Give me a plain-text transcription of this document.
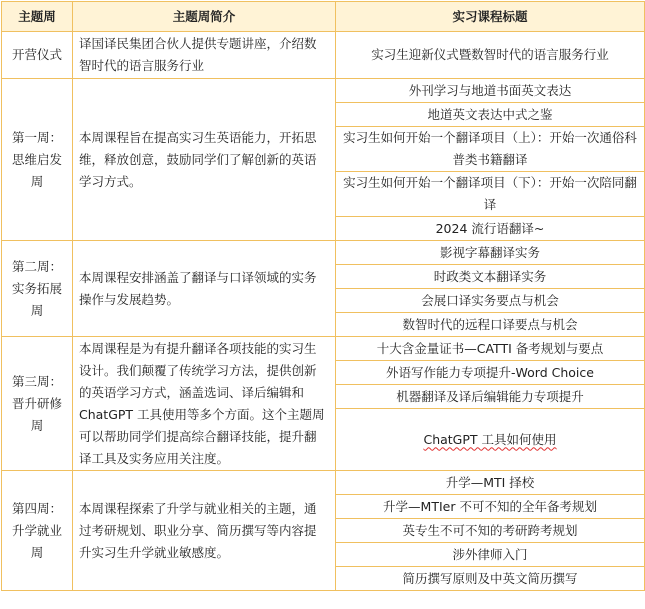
主题周	主题周简介	实习课程标题
开营仪式	译国译民集团合伙人提供专题讲座，介绍数智时代的语言服务行业	实习生迎新仪式暨数智时代的语言服务行业
第一周：思维启发周	本周课程旨在提高实习生英语能力，开拓思维，释放创意，鼓励同学们了解创新的英语学习方式。	外刊学习与地道书面英文表达
		地道英文表达中式之鉴
		实习生如何开始一个翻译项目（上）：开始一次通俗科普类书籍翻译
		实习生如何开始一个翻译项目（下）：开始一次陪同翻译
		2024 流行语翻译~
第二周：实务拓展周	本周课程安排涵盖了翻译与口译领域的实务操作与发展趋势。	影视字幕翻译实务
		时政类文本翻译实务
		会展口译实务要点与机会
		数智时代的远程口译要点与机会
第三周：晋升研修周	本周课程是为有提升翻译各项技能的实习生设计。我们颠覆了传统学习方法，提供创新的英语学习方式，涵盖选词、译后编辑和 ChatGPT 工具使用等多个方面。这个主题周可以帮助同学们提高综合翻译技能，提升翻译工具及实务应用关注度。	十大含金量证书—CATTI 备考规划与要点
		外语写作能力专项提升-Word Choice
		机器翻译及译后编辑能力专项提升
		ChatGPT 工具如何使用
第四周：升学就业周	本周课程探索了升学与就业相关的主题，通过考研规划、职业分享、简历撰写等内容提升实习生升学就业敏感度。	升学—MTI 择校
		升学—MTIer 不可不知的全年备考规划
		英专生不可不知的考研跨考规划
		涉外律师入门
		简历撰写原则及中英文简历撰写
